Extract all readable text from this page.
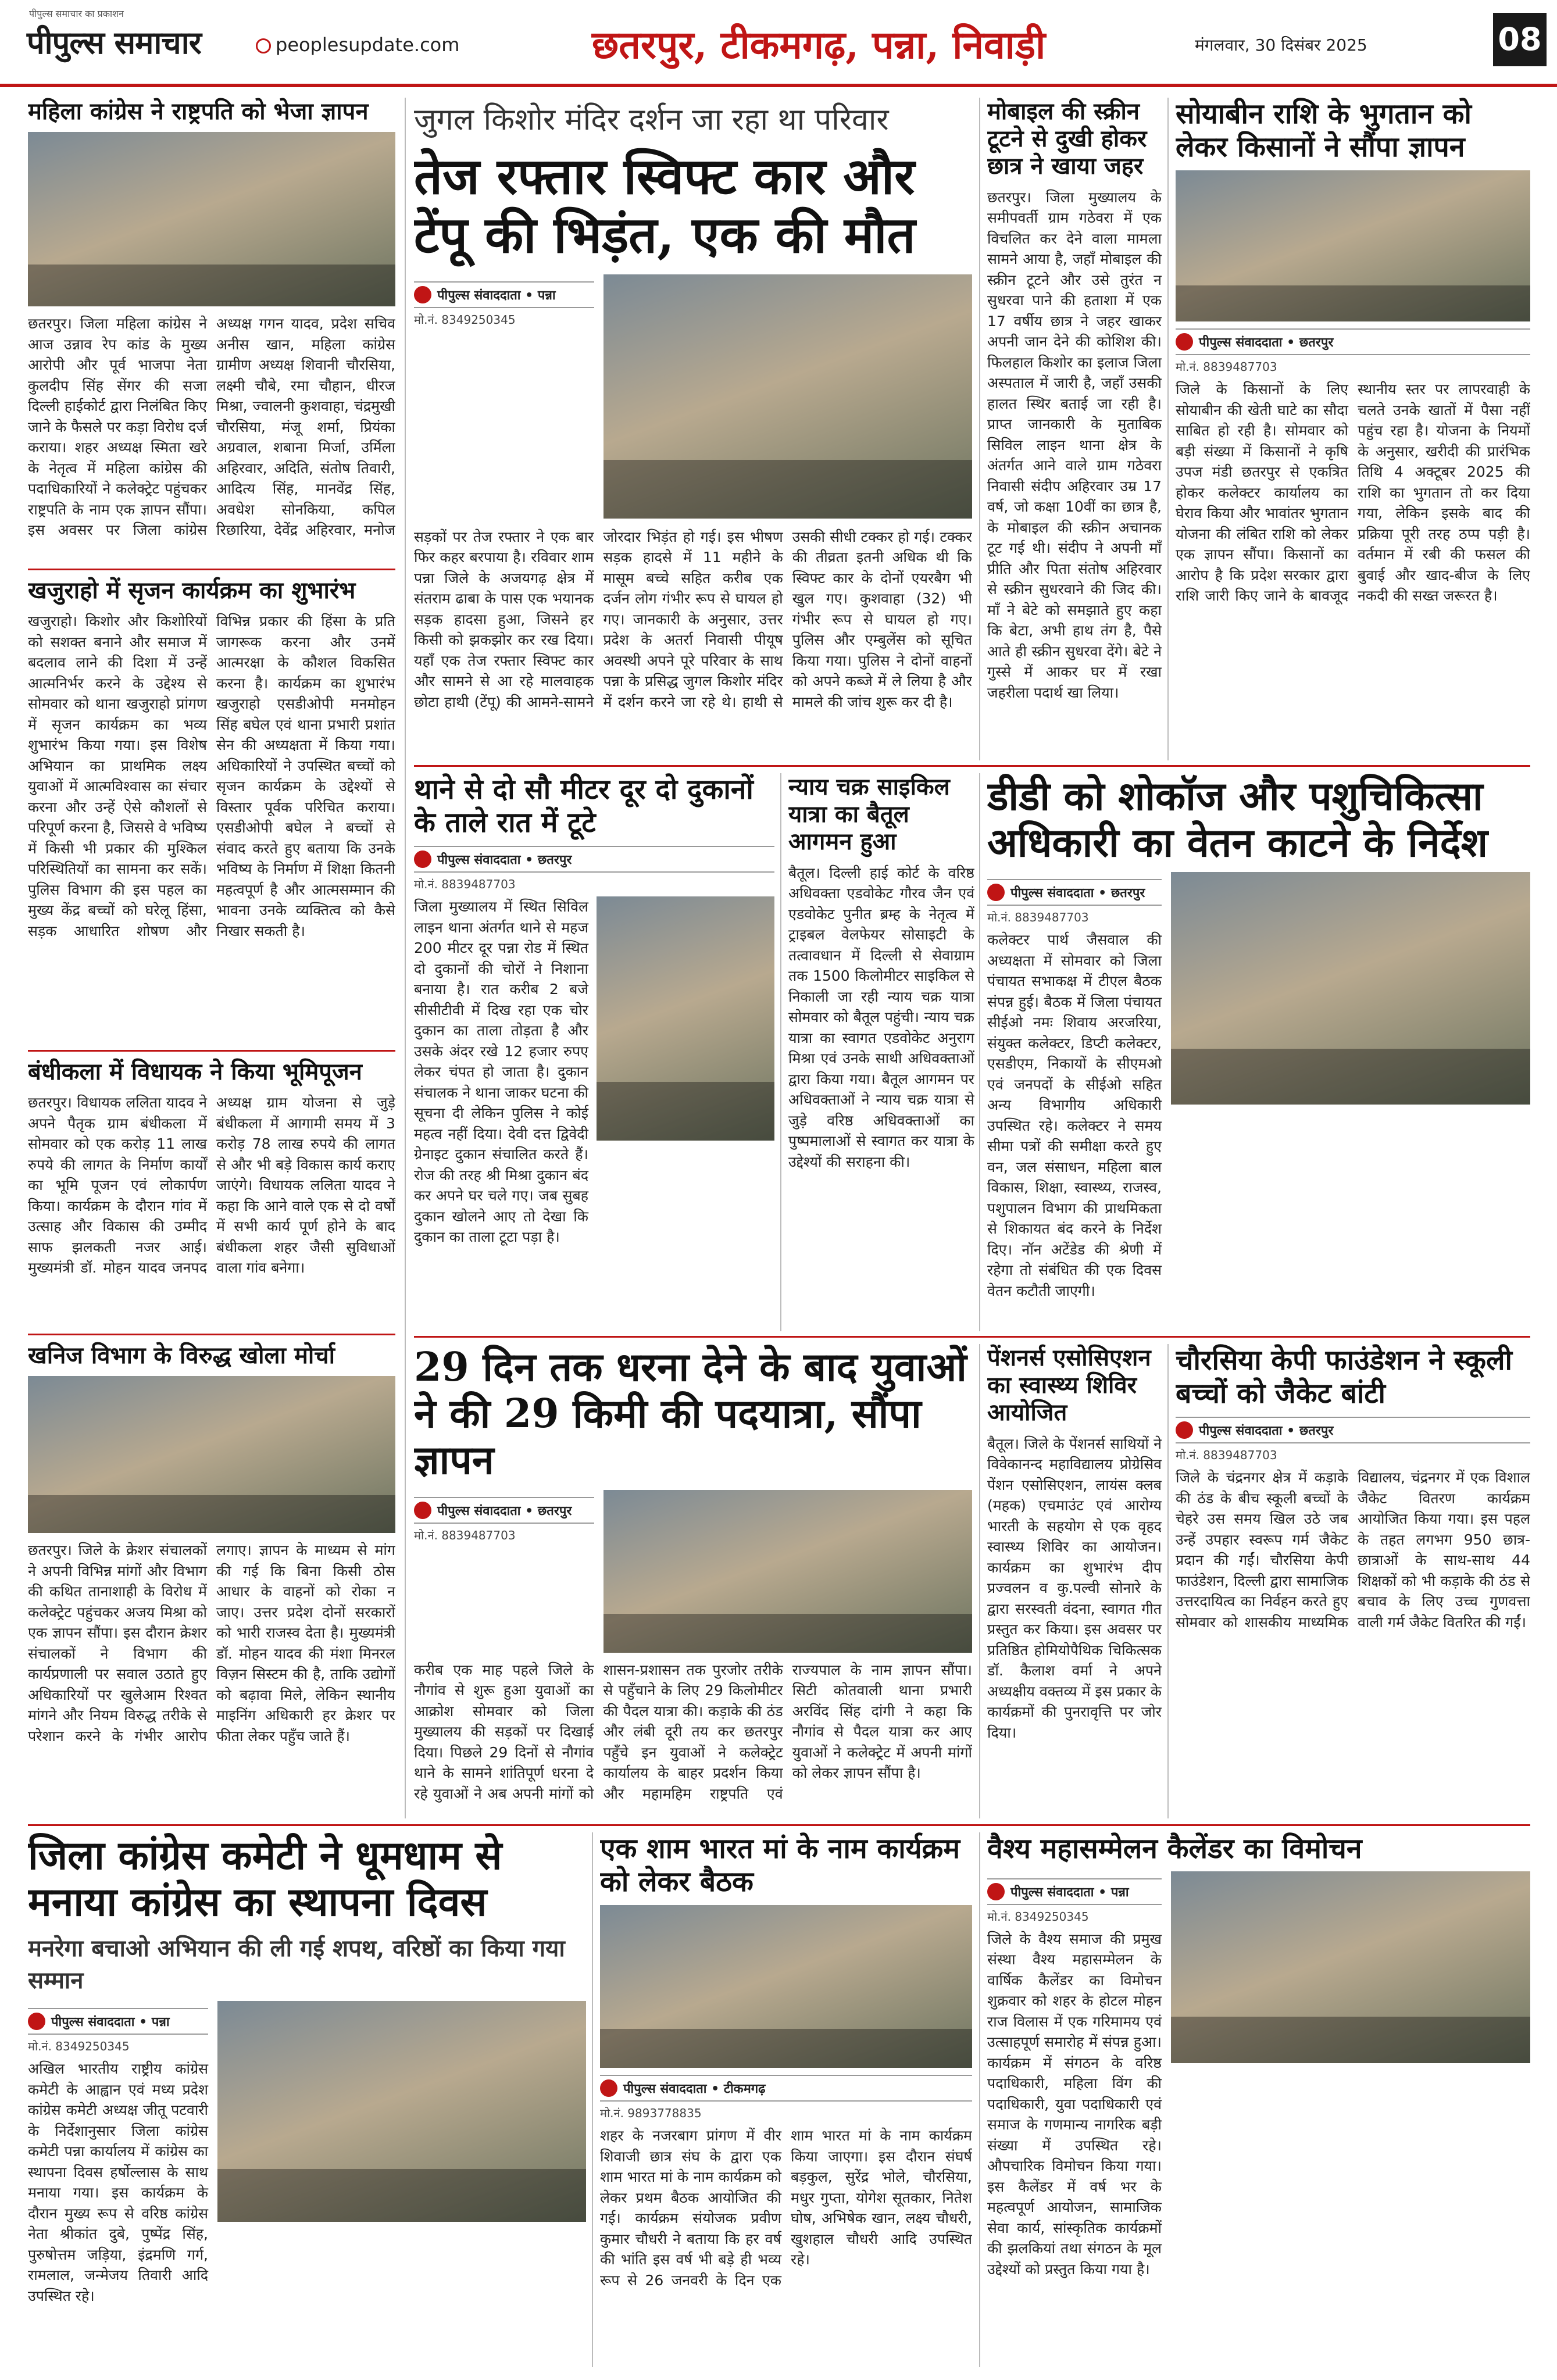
पीपुल्स समाचार का प्रकाशन
पीपुल्स समाचार	peoplesupdate.com	छतरपुर, टीकमगढ़, पन्ना, निवाड़ी	मंगलवार, 30 दिसंबर 2025	08
महिला कांग्रेस ने राष्ट्रपति को भेजा ज्ञापन
छतरपुर। जिला महिला कांग्रेस ने आज उन्नाव रेप कांड के मुख्य आरोपी और पूर्व भाजपा नेता कुलदीप सिंह सेंगर की सजा दिल्ली हाईकोर्ट द्वारा निलंबित किए जाने के फैसले पर कड़ा विरोध दर्ज कराया। शहर अध्यक्ष स्मिता खरे के नेतृत्व में महिला कांग्रेस की पदाधिकारियों ने कलेक्ट्रेट पहुंचकर राष्ट्रपति के नाम एक ज्ञापन सौंपा। इस अवसर पर जिला कांग्रेस अध्यक्ष गगन यादव, प्रदेश सचिव अनीस खान, महिला कांग्रेस ग्रामीण अध्यक्ष शिवानी चौरसिया, लक्ष्मी चौबे, रमा चौहान, धीरज मिश्रा, ज्वालनी कुशवाहा, चंद्रमुखी चौरसिया, मंजू शर्मा, प्रियंका अग्रवाल, शबाना मिर्जा, उर्मिला अहिरवार, अदिति, संतोष तिवारी, आदित्य सिंह, मानवेंद्र सिंह, अवधेश सोनकिया, कपिल रिछारिया, देवेंद्र अहिरवार, मनोज
खजुराहो में सृजन कार्यक्रम का शुभारंभ
खजुराहो। किशोर और किशोरियों को सशक्त बनाने और समाज में बदलाव लाने की दिशा में उन्हें आत्मनिर्भर करने के उद्देश्य से सोमवार को थाना खजुराहो प्रांगण में सृजन कार्यक्रम का भव्य शुभारंभ किया गया। इस विशेष अभियान का प्राथमिक लक्ष्य युवाओं में आत्मविश्वास का संचार करना और उन्हें ऐसे कौशलों से परिपूर्ण करना है, जिससे वे भविष्य में किसी भी प्रकार की मुश्किल परिस्थितियों का सामना कर सकें। पुलिस विभाग की इस पहल का मुख्य केंद्र बच्चों को घरेलू हिंसा, सड़क आधारित शोषण और विभिन्न प्रकार की हिंसा के प्रति जागरूक करना और उनमें आत्मरक्षा के कौशल विकसित करना है। कार्यक्रम का शुभारंभ खजुराहो एसडीओपी मनमोहन सिंह बघेल एवं थाना प्रभारी प्रशांत सेन की अध्यक्षता में किया गया। अधिकारियों ने उपस्थित बच्चों को सृजन कार्यक्रम के उद्देश्यों से विस्तार पूर्वक परिचित कराया। एसडीओपी बघेल ने बच्चों से संवाद करते हुए बताया कि उनके भविष्य के निर्माण में शिक्षा कितनी महत्वपूर्ण है और आत्मसम्मान की भावना उनके व्यक्तित्व को कैसे निखार सकती है।
बंधीकला में विधायक ने किया भूमिपूजन
छतरपुर। विधायक ललिता यादव ने अपने पैतृक ग्राम बंधीकला में सोमवार को एक करोड़ 11 लाख रुपये की लागत के निर्माण कार्यों का भूमि पूजन एवं लोकार्पण किया। कार्यक्रम के दौरान गांव में उत्साह और विकास की उम्मीद साफ झलकती नजर आई। मुख्यमंत्री डॉ. मोहन यादव जनपद अध्यक्ष ग्राम योजना से जुड़े बंधीकला में आगामी समय में 3 करोड़ 78 लाख रुपये की लागत से और भी बड़े विकास कार्य कराए जाएंगे। विधायक ललिता यादव ने कहा कि आने वाले एक से दो वर्षों में सभी कार्य पूर्ण होने के बाद बंधीकला शहर जैसी सुविधाओं वाला गांव बनेगा।
खनिज विभाग के विरुद्ध खोला मोर्चा
छतरपुर। जिले के क्रेशर संचालकों ने अपनी विभिन्न मांगों और विभाग की कथित तानाशाही के विरोध में कलेक्ट्रेट पहुंचकर अजय मिश्रा को एक ज्ञापन सौंपा। इस दौरान क्रेशर संचालकों ने विभाग की कार्यप्रणाली पर सवाल उठाते हुए अधिकारियों पर खुलेआम रिश्वत मांगने और नियम विरुद्ध तरीके से परेशान करने के गंभीर आरोप लगाए। ज्ञापन के माध्यम से मांग की गई कि बिना किसी ठोस आधार के वाहनों को रोका न जाए। उत्तर प्रदेश दोनों सरकारों को भारी राजस्व देता है। मुख्यमंत्री डॉ. मोहन यादव की मंशा मिनरल विज़न सिस्टम की है, ताकि उद्योगों को बढ़ावा मिले, लेकिन स्थानीय माइनिंग अधिकारी हर क्रेशर पर फीता लेकर पहुँच जाते हैं।
जुगल किशोर मंदिर दर्शन जा रहा था परिवार
तेज रफ्तार स्विफ्ट कार और टेंपू की भिड़ंत, एक की मौत
पीपुल्स संवाददाता • पन्ना
मो.नं. 8349250345
सड़कों पर तेज रफ्तार ने एक बार फिर कहर बरपाया है। रविवार शाम पन्ना जिले के अजयगढ़ क्षेत्र में संतराम ढाबा के पास एक भयानक सड़क हादसा हुआ, जिसने हर किसी को झकझोर कर रख दिया। यहाँ एक तेज रफ्तार स्विफ्ट कार और सामने से आ रहे मालवाहक छोटा हाथी (टेंपू) की आमने-सामने जोरदार भिड़ंत हो गई। इस भीषण सड़क हादसे में 11 महीने के मासूम बच्चे सहित करीब एक दर्जन लोग गंभीर रूप से घायल हो गए। जानकारी के अनुसार, उत्तर प्रदेश के अतर्रा निवासी पीयूष अवस्थी अपने पूरे परिवार के साथ पन्ना के प्रसिद्ध जुगल किशोर मंदिर में दर्शन करने जा रहे थे। हाथी से उसकी सीधी टक्कर हो गई। टक्कर की तीव्रता इतनी अधिक थी कि स्विफ्ट कार के दोनों एयरबैग भी खुल गए। कुशवाहा (32) भी गंभीर रूप से घायल हो गए। पुलिस और एम्बुलेंस को सूचित किया गया। पुलिस ने दोनों वाहनों को अपने कब्जे में ले लिया है और मामले की जांच शुरू कर दी है।
मोबाइल की स्क्रीन टूटने से दुखी होकर छात्र ने खाया जहर
छतरपुर। जिला मुख्यालय के समीपवर्ती ग्राम गठेवरा में एक विचलित कर देने वाला मामला सामने आया है, जहाँ मोबाइल की स्क्रीन टूटने और उसे तुरंत न सुधरवा पाने की हताशा में एक 17 वर्षीय छात्र ने जहर खाकर अपनी जान देने की कोशिश की। फिलहाल किशोर का इलाज जिला अस्पताल में जारी है, जहाँ उसकी हालत स्थिर बताई जा रही है। प्राप्त जानकारी के मुताबिक सिविल लाइन थाना क्षेत्र के अंतर्गत आने वाले ग्राम गठेवरा निवासी संदीप अहिरवार उम्र 17 वर्ष, जो कक्षा 10वीं का छात्र है, के मोबाइल की स्क्रीन अचानक टूट गई थी। संदीप ने अपनी माँ प्रीति और पिता संतोष अहिरवार से स्क्रीन सुधरवाने की जिद की। माँ ने बेटे को समझाते हुए कहा कि बेटा, अभी हाथ तंग है, पैसे आते ही स्क्रीन सुधरवा देंगे। बेटे ने गुस्से में आकर घर में रखा जहरीला पदार्थ खा लिया।
सोयाबीन राशि के भुगतान को लेकर किसानों ने सौंपा ज्ञापन
पीपुल्स संवाददाता • छतरपुर
मो.नं. 8839487703
जिले के किसानों के लिए सोयाबीन की खेती घाटे का सौदा साबित हो रही है। सोमवार को बड़ी संख्या में किसानों ने कृषि उपज मंडी छतरपुर से एकत्रित होकर कलेक्टर कार्यालय का घेराव किया और भावांतर भुगतान योजना की लंबित राशि को लेकर एक ज्ञापन सौंपा। किसानों का आरोप है कि प्रदेश सरकार द्वारा राशि जारी किए जाने के बावजूद स्थानीय स्तर पर लापरवाही के चलते उनके खातों में पैसा नहीं पहुंच रहा है। योजना के नियमों के अनुसार, खरीदी की प्रारंभिक तिथि 4 अक्टूबर 2025 की राशि का भुगतान तो कर दिया गया, लेकिन इसके बाद की प्रक्रिया पूरी तरह ठप्प पड़ी है। वर्तमान में रबी की फसल की बुवाई और खाद-बीज के लिए नकदी की सख्त जरूरत है।
थाने से दो सौ मीटर दूर दो दुकानों के ताले रात में टूटे
पीपुल्स संवाददाता • छतरपुर
मो.नं. 8839487703
जिला मुख्यालय में स्थित सिविल लाइन थाना अंतर्गत थाने से महज 200 मीटर दूर पन्ना रोड में स्थित दो दुकानों की चोरों ने निशाना बनाया है। रात करीब 2 बजे सीसीटीवी में दिख रहा एक चोर दुकान का ताला तोड़ता है और उसके अंदर रखे 12 हजार रुपए लेकर चंपत हो जाता है। दुकान संचालक ने थाना जाकर घटना की सूचना दी लेकिन पुलिस ने कोई महत्व नहीं दिया। देवी दत्त द्विवेदी ग्रेनाइट दुकान संचालित करते हैं। रोज की तरह श्री मिश्रा दुकान बंद कर अपने घर चले गए। जब सुबह दुकान खोलने आए तो देखा कि दुकान का ताला टूटा पड़ा है।
न्याय चक्र साइकिल यात्रा का बैतूल आगमन हुआ
बैतूल। दिल्ली हाई कोर्ट के वरिष्ठ अधिवक्ता एडवोकेट गौरव जैन एवं एडवोकेट पुनीत ब्रम्ह के नेतृत्व में ट्राइबल वेलफेयर सोसाइटी के तत्वावधान में दिल्ली से सेवाग्राम तक 1500 किलोमीटर साइकिल से निकाली जा रही न्याय चक्र यात्रा सोमवार को बैतूल पहुंची। न्याय चक्र यात्रा का स्वागत एडवोकेट अनुराग मिश्रा एवं उनके साथी अधिवक्ताओं द्वारा किया गया। बैतूल आगमन पर अधिवक्ताओं ने न्याय चक्र यात्रा से जुड़े वरिष्ठ अधिवक्ताओं का पुष्पमालाओं से स्वागत कर यात्रा के उद्देश्यों की सराहना की।
डीडी को शोकॉज और पशुचिकित्सा अधिकारी का वेतन काटने के निर्देश
पीपुल्स संवाददाता • छतरपुर
मो.नं. 8839487703
कलेक्टर पार्थ जैसवाल की अध्यक्षता में सोमवार को जिला पंचायत सभाकक्ष में टीएल बैठक संपन्न हुई। बैठक में जिला पंचायत सीईओ नमः शिवाय अरजरिया, संयुक्त कलेक्टर, डिप्टी कलेक्टर, एसडीएम, निकायों के सीएमओ एवं जनपदों के सीईओ सहित अन्य विभागीय अधिकारी उपस्थित रहे। कलेक्टर ने समय सीमा पत्रों की समीक्षा करते हुए वन, जल संसाधन, महिला बाल विकास, शिक्षा, स्वास्थ्य, राजस्व, पशुपालन विभाग की प्राथमिकता से शिकायत बंद करने के निर्देश दिए। नॉन अटेंडेड की श्रेणी में रहेगा तो संबंधित की एक दिवस वेतन कटौती जाएगी।
29 दिन तक धरना देने के बाद युवाओं ने की 29 किमी की पदयात्रा, सौंपा ज्ञापन
पीपुल्स संवाददाता • छतरपुर
मो.नं. 8839487703
करीब एक माह पहले जिले के नौगांव से शुरू हुआ युवाओं का आक्रोश सोमवार को जिला मुख्यालय की सड़कों पर दिखाई दिया। पिछले 29 दिनों से नौगांव थाने के सामने शांतिपूर्ण धरना दे रहे युवाओं ने अब अपनी मांगों को शासन-प्रशासन तक पुरजोर तरीके से पहुँचाने के लिए 29 किलोमीटर की पैदल यात्रा की। कड़ाके की ठंड और लंबी दूरी तय कर छतरपुर पहुँचे इन युवाओं ने कलेक्ट्रेट कार्यालय के बाहर प्रदर्शन किया और महामहिम राष्ट्रपति एवं राज्यपाल के नाम ज्ञापन सौंपा। सिटी कोतवाली थाना प्रभारी अरविंद सिंह दांगी ने कहा कि नौगांव से पैदल यात्रा कर आए युवाओं ने कलेक्ट्रेट में अपनी मांगों को लेकर ज्ञापन सौंपा है।
पेंशनर्स एसोसिएशन का स्वास्थ्य शिविर आयोजित
बैतूल। जिले के पेंशनर्स साथियों ने विवेकानन्द महाविद्यालय प्रोग्रेसिव पेंशन एसोसिएशन, लायंस क्लब (महक) एचमाउंट एवं आरोग्य भारती के सहयोग से एक वृहद स्वास्थ्य शिविर का आयोजन। कार्यक्रम का शुभारंभ दीप प्रज्वलन व कु.पल्वी सोनारे के द्वारा सरस्वती वंदना, स्वागत गीत प्रस्तुत कर किया। इस अवसर पर प्रतिष्ठित होमियोपैथिक चिकित्सक डॉ. कैलाश वर्मा ने अपने अध्यक्षीय वक्तव्य में इस प्रकार के कार्यक्रमों की पुनरावृत्ति पर जोर दिया।
चौरसिया केपी फाउंडेशन ने स्कूली बच्चों को जैकेट बांटी
पीपुल्स संवाददाता • छतरपुर
मो.नं. 8839487703
जिले के चंद्रनगर क्षेत्र में कड़ाके की ठंड के बीच स्कूली बच्चों के चेहरे उस समय खिल उठे जब उन्हें उपहार स्वरूप गर्म जैकेट प्रदान की गईं। चौरसिया केपी फाउंडेशन, दिल्ली द्वारा सामाजिक उत्तरदायित्व का निर्वहन करते हुए सोमवार को शासकीय माध्यमिक विद्यालय, चंद्रनगर में एक विशाल जैकेट वितरण कार्यक्रम आयोजित किया गया। इस पहल के तहत लगभग 950 छात्र-छात्राओं के साथ-साथ 44 शिक्षकों को भी कड़ाके की ठंड से बचाव के लिए उच्च गुणवत्ता वाली गर्म जैकेट वितरित की गईं।
जिला कांग्रेस कमेटी ने धूमधाम से मनाया कांग्रेस का स्थापना दिवस
मनरेगा बचाओ अभियान की ली गई शपथ, वरिष्ठों का किया गया सम्मान
पीपुल्स संवाददाता • पन्ना
मो.नं. 8349250345
अखिल भारतीय राष्ट्रीय कांग्रेस कमेटी के आह्वान एवं मध्य प्रदेश कांग्रेस कमेटी अध्यक्ष जीतू पटवारी के निर्देशानुसार जिला कांग्रेस कमेटी पन्ना कार्यालय में कांग्रेस का स्थापना दिवस हर्षोल्लास के साथ मनाया गया। इस कार्यक्रम के दौरान मुख्य रूप से वरिष्ठ कांग्रेस नेता श्रीकांत दुबे, पुष्पेंद्र सिंह, पुरुषोत्तम जड़िया, इंद्रमणि गर्ग, रामलाल, जन्मेजय तिवारी आदि उपस्थित रहे।
एक शाम भारत मां के नाम कार्यक्रम को लेकर बैठक
पीपुल्स संवाददाता • टीकमगढ़
मो.नं. 9893778835
शहर के नजरबाग प्रांगण में वीर शिवाजी छात्र संघ के द्वारा एक शाम भारत मां के नाम कार्यक्रम को लेकर प्रथम बैठक आयोजित की गई। कार्यक्रम संयोजक प्रवीण कुमार चौधरी ने बताया कि हर वर्ष की भांति इस वर्ष भी बड़े ही भव्य रूप से 26 जनवरी के दिन एक शाम भारत मां के नाम कार्यक्रम किया जाएगा। इस दौरान संघर्ष बड़कुल, सुरेंद्र भोले, चौरसिया, मधुर गुप्ता, योगेश सूतकार, नितेश घोष, अभिषेक खान, लक्ष्य चौधरी, खुशहाल चौधरी आदि उपस्थित रहे।
वैश्य महासम्मेलन कैलेंडर का विमोचन
पीपुल्स संवाददाता • पन्ना
मो.नं. 8349250345
जिले के वैश्य समाज की प्रमुख संस्था वैश्य महासम्मेलन के वार्षिक कैलेंडर का विमोचन शुक्रवार को शहर के होटल मोहन राज विलास में एक गरिमामय एवं उत्साहपूर्ण समारोह में संपन्न हुआ। कार्यक्रम में संगठन के वरिष्ठ पदाधिकारी, महिला विंग की पदाधिकारी, युवा पदाधिकारी एवं समाज के गणमान्य नागरिक बड़ी संख्या में उपस्थित रहे। औपचारिक विमोचन किया गया। इस कैलेंडर में वर्ष भर के महत्वपूर्ण आयोजन, सामाजिक सेवा कार्य, सांस्कृतिक कार्यक्रमों की झलकियां तथा संगठन के मूल उद्देश्यों को प्रस्तुत किया गया है।
